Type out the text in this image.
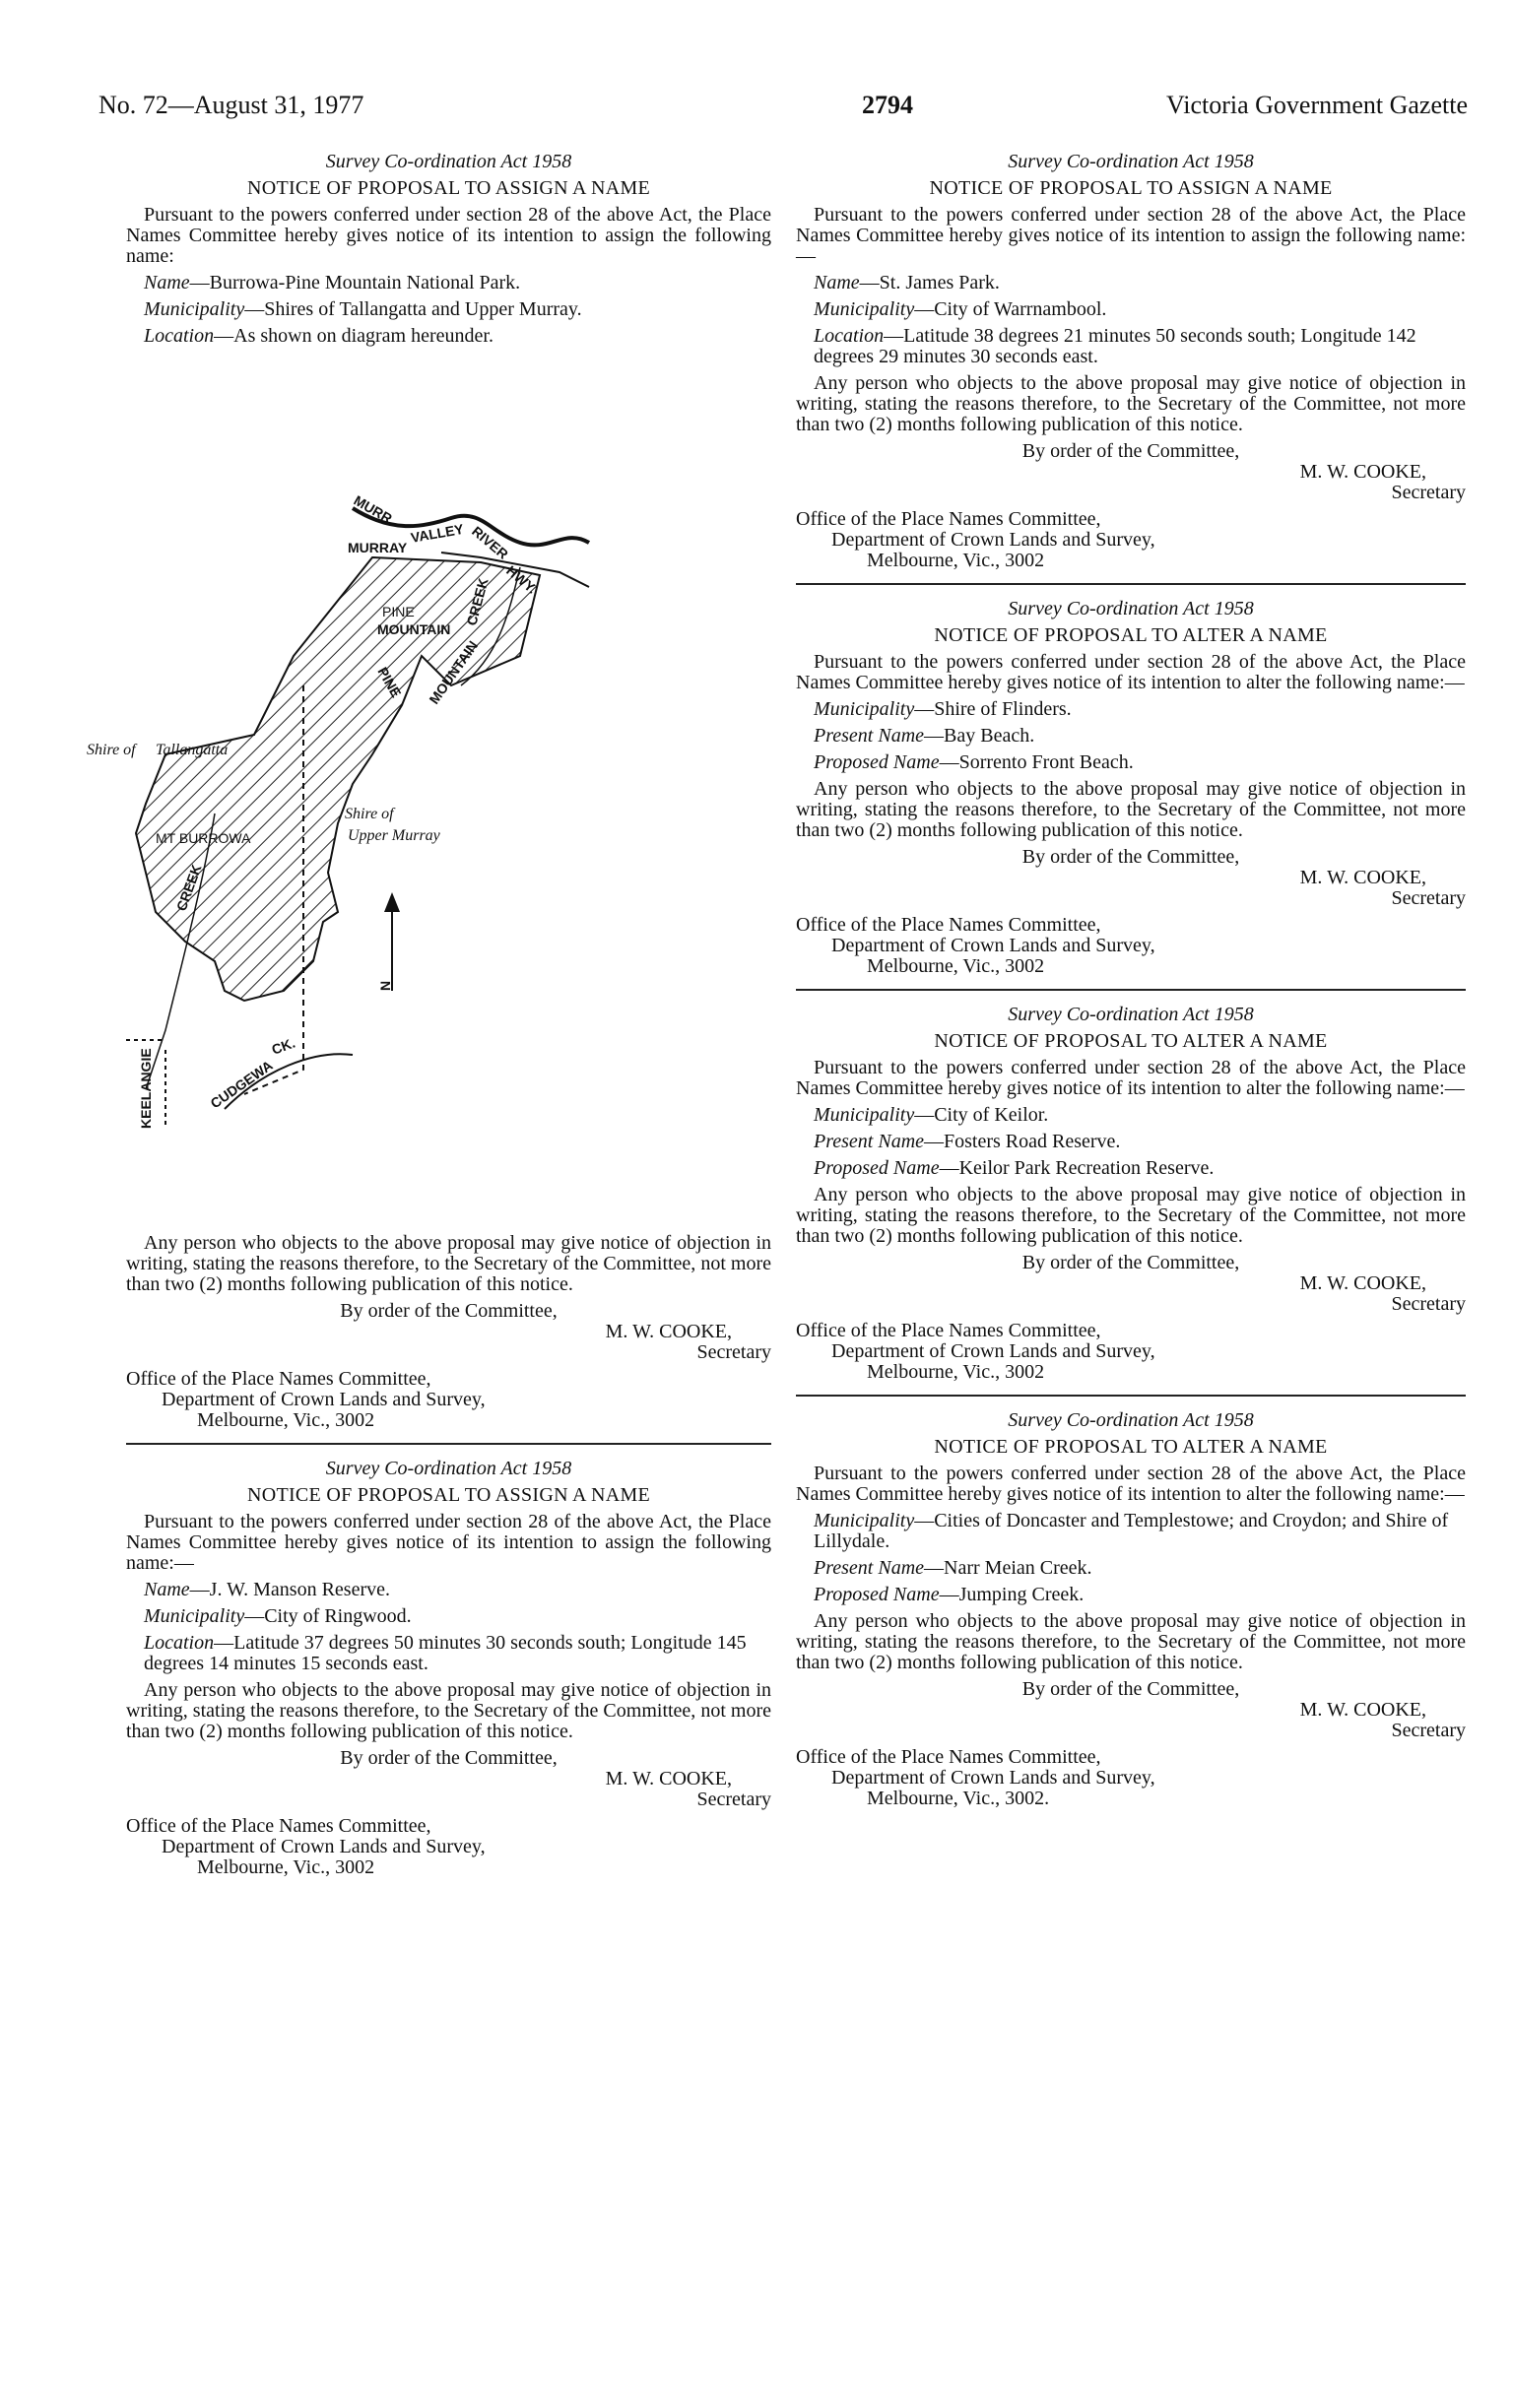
No. 72—August 31, 1977	2794	Victoria Government Gazette
Survey Co-ordination Act 1958
NOTICE OF PROPOSAL TO ASSIGN A NAME

Pursuant to the powers conferred under section 28 of the above Act, the Place Names Committee hereby gives notice of its intention to assign the following name:

Name—Burrowa-Pine Mountain National Park.
Municipality—Shires of Tallangatta and Upper Murray.
Location—As shown on diagram hereunder.
MURRAY
VALLEY RIVER
MURR
HWY.
CREEK
PINE
MOUNTAIN
PINE MOUNTAIN
Shire of Tallangatta
Shire of
Upper Murray
MT BURROWA
CREEK
KEELANGIE	CUDGEWA
CK.
N

Any person who objects to the above proposal may give notice of objection in writing, stating the reasons therefore, to the Secretary of the Committee, not more than two (2) months following publication of this notice.

By order of the Committee,
M. W. COOKE,
Secretary
Office of the Place Names Committee,
Department of Crown Lands and Survey,
Melbourne, Vic., 3002
Survey Co-ordination Act 1958
NOTICE OF PROPOSAL TO ASSIGN A NAME

Pursuant to the powers conferred under section 28 of the above Act, the Place Names Committee hereby gives notice of its intention to assign the following name:—

Name—J. W. Manson Reserve.
Municipality—City of Ringwood.
Location—Latitude 37 degrees 50 minutes 30 seconds south; Longitude 145 degrees 14 minutes 15 seconds east.

Any person who objects to the above proposal may give notice of objection in writing, stating the reasons therefore, to the Secretary of the Committee, not more than two (2) months following publication of this notice.

By order of the Committee,
M. W. COOKE,
Secretary
Office of the Place Names Committee,
Department of Crown Lands and Survey,
Melbourne, Vic., 3002
Survey Co-ordination Act 1958
NOTICE OF PROPOSAL TO ASSIGN A NAME

Pursuant to the powers conferred under section 28 of the above Act, the Place Names Committee hereby gives notice of its intention to assign the following name:—

Name—St. James Park.
Municipality—City of Warrnambool.
Location—Latitude 38 degrees 21 minutes 50 seconds south; Longitude 142 degrees 29 minutes 30 seconds east.

Any person who objects to the above proposal may give notice of objection in writing, stating the reasons therefore, to the Secretary of the Committee, not more than two (2) months following publication of this notice.

By order of the Committee,
M. W. COOKE,
Secretary
Office of the Place Names Committee,
Department of Crown Lands and Survey,
Melbourne, Vic., 3002
Survey Co-ordination Act 1958
NOTICE OF PROPOSAL TO ALTER A NAME

Pursuant to the powers conferred under section 28 of the above Act, the Place Names Committee hereby gives notice of its intention to alter the following name:—

Municipality—Shire of Flinders.
Present Name—Bay Beach.
Proposed Name—Sorrento Front Beach.

Any person who objects to the above proposal may give notice of objection in writing, stating the reasons therefore, to the Secretary of the Committee, not more than two (2) months following publication of this notice.

By order of the Committee,
M. W. COOKE,
Secretary
Office of the Place Names Committee,
Department of Crown Lands and Survey,
Melbourne, Vic., 3002
Survey Co-ordination Act 1958
NOTICE OF PROPOSAL TO ALTER A NAME

Pursuant to the powers conferred under section 28 of the above Act, the Place Names Committee hereby gives notice of its intention to alter the following name:—

Municipality—City of Keilor.
Present Name—Fosters Road Reserve.
Proposed Name—Keilor Park Recreation Reserve.

Any person who objects to the above proposal may give notice of objection in writing, stating the reasons therefore, to the Secretary of the Committee, not more than two (2) months following publication of this notice.

By order of the Committee,
M. W. COOKE,
Secretary
Office of the Place Names Committee,
Department of Crown Lands and Survey,
Melbourne, Vic., 3002
Survey Co-ordination Act 1958
NOTICE OF PROPOSAL TO ALTER A NAME

Pursuant to the powers conferred under section 28 of the above Act, the Place Names Committee hereby gives notice of its intention to alter the following name:—

Municipality—Cities of Doncaster and Templestowe; and Croydon; and Shire of Lillydale.
Present Name—Narr Meian Creek.
Proposed Name—Jumping Creek.

Any person who objects to the above proposal may give notice of objection in writing, stating the reasons therefore, to the Secretary of the Committee, not more than two (2) months following publication of this notice.

By order of the Committee,
M. W. COOKE,
Secretary
Office of the Place Names Committee,
Department of Crown Lands and Survey,
Melbourne, Vic., 3002.
